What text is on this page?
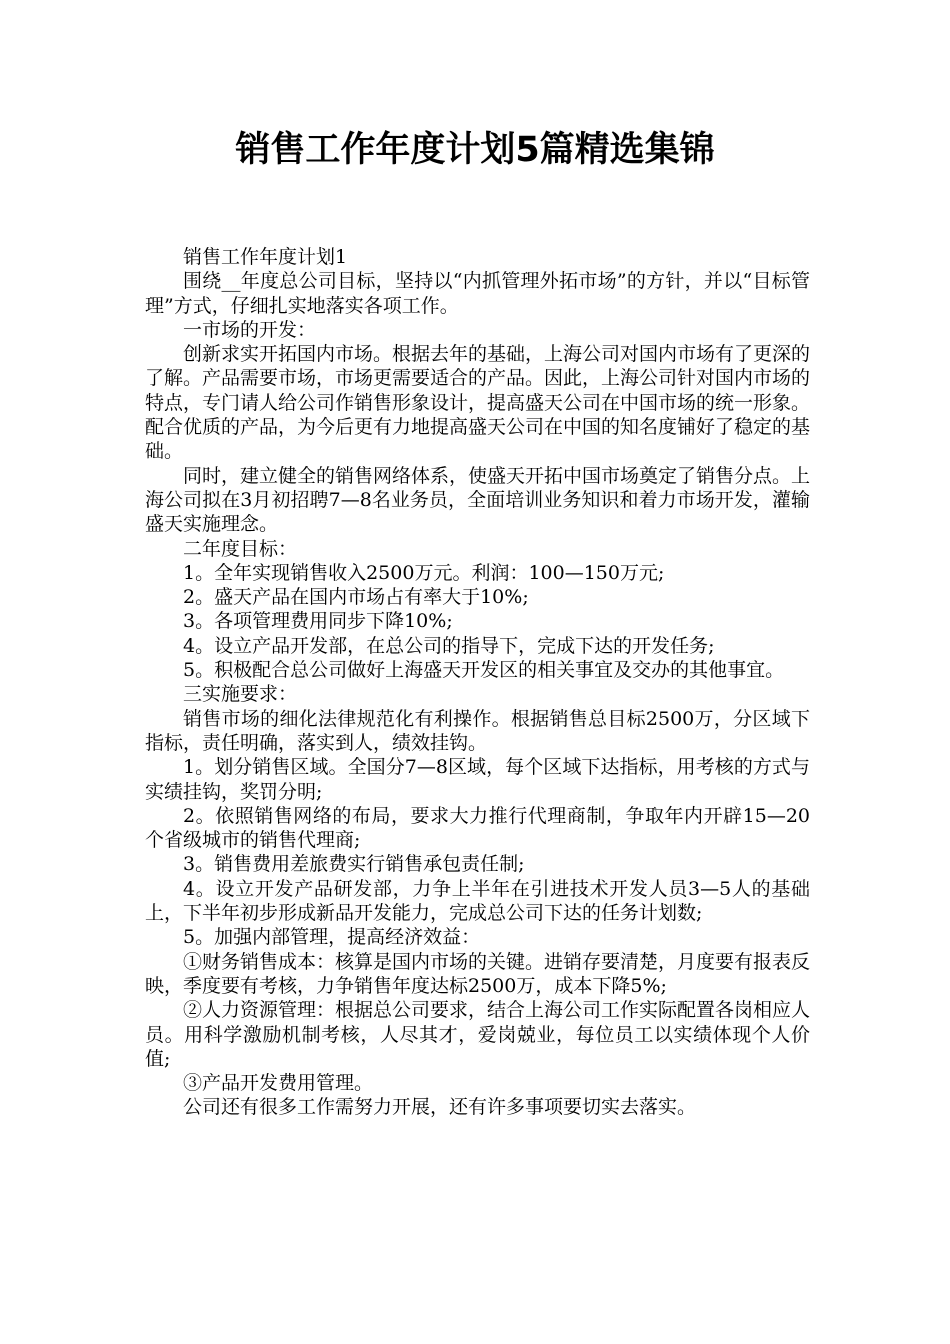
销售工作年度计划5篇精选集锦

销售工作年度计划1

围绕__年度总公司目标，坚持以“内抓管理外拓市场”的方针，并以“目标管理”方式，仔细扎实地落实各项工作。

一市场的开发：

创新求实开拓国内市场。根据去年的基础，上海公司对国内市场有了更深的了解。产品需要市场，市场更需要适合的产品。因此，上海公司针对国内市场的特点，专门请人给公司作销售形象设计，提高盛天公司在中国市场的统一形象。配合优质的产品，为今后更有力地提高盛天公司在中国的知名度铺好了稳定的基础。

同时，建立健全的销售网络体系，使盛天开拓中国市场奠定了销售分点。上海公司拟在3月初招聘7—8名业务员，全面培训业务知识和着力市场开发，灌输盛天实施理念。

二年度目标：

1。全年实现销售收入2500万元。利润：100—150万元;

2。盛天产品在国内市场占有率大于10%;

3。各项管理费用同步下降10%;

4。设立产品开发部，在总公司的指导下，完成下达的开发任务;

5。积极配合总公司做好上海盛天开发区的相关事宜及交办的其他事宜。

三实施要求：

销售市场的细化法律规范化有利操作。根据销售总目标2500万，分区域下指标，责任明确，落实到人，绩效挂钩。

1。划分销售区域。全国分7—8区域，每个区域下达指标，用考核的方式与实绩挂钩，奖罚分明;

2。依照销售网络的布局，要求大力推行代理商制，争取年内开辟15—20个省级城市的销售代理商;

3。销售费用差旅费实行销售承包责任制;

4。设立开发产品研发部，力争上半年在引进技术开发人员3—5人的基础上，下半年初步形成新品开发能力，完成总公司下达的任务计划数;

5。加强内部管理，提高经济效益：

①财务销售成本：核算是国内市场的关键。进销存要清楚，月度要有报表反映，季度要有考核，力争销售年度达标2500万，成本下降5%;

②人力资源管理：根据总公司要求，结合上海公司工作实际配置各岗相应人员。用科学激励机制考核，人尽其才，爱岗兢业，每位员工以实绩体现个人价值;

③产品开发费用管理。

公司还有很多工作需努力开展，还有许多事项要切实去落实。
